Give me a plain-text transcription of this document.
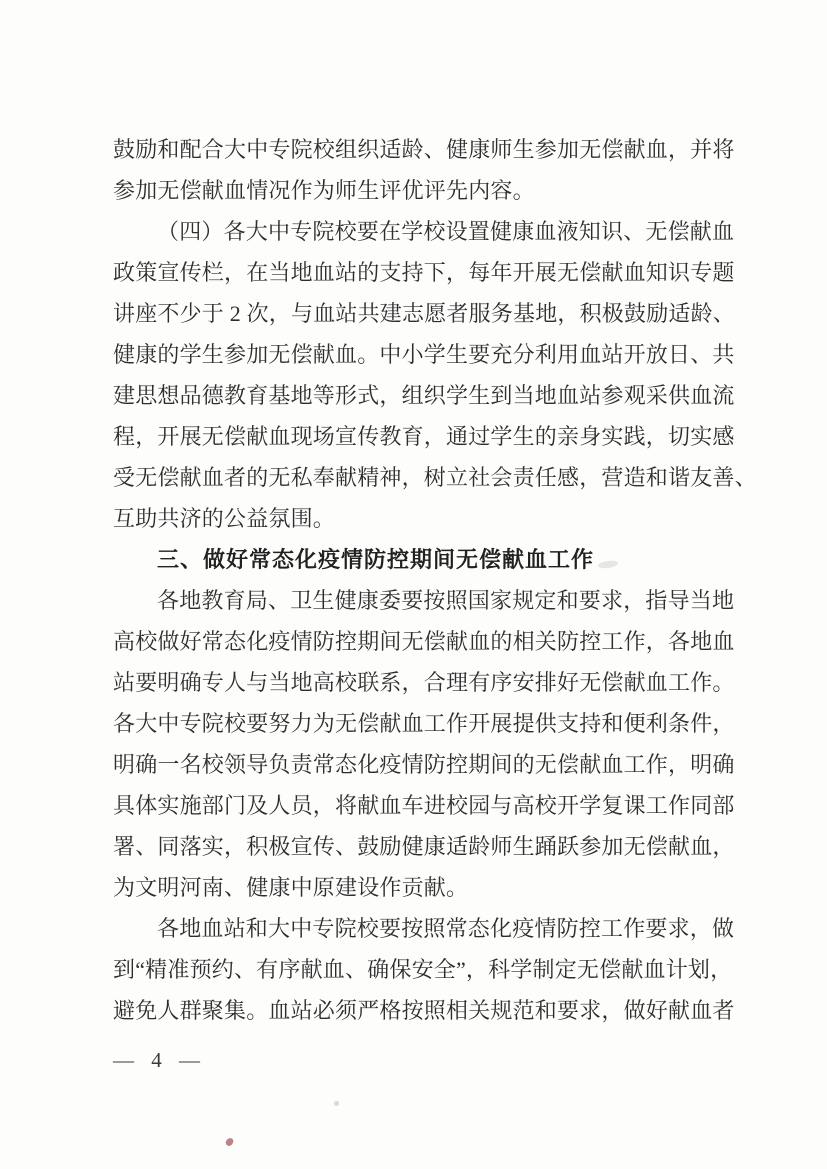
鼓励和配合大中专院校组织适龄、健康师生参加无偿献血，并将
参加无偿献血情况作为师生评优评先内容。
（四）各大中专院校要在学校设置健康血液知识、无偿献血
政策宣传栏，在当地血站的支持下，每年开展无偿献血知识专题
讲座不少于 2 次，与血站共建志愿者服务基地，积极鼓励适龄、
健康的学生参加无偿献血。中小学生要充分利用血站开放日、共
建思想品德教育基地等形式，组织学生到当地血站参观采供血流
程，开展无偿献血现场宣传教育，通过学生的亲身实践，切实感
受无偿献血者的无私奉献精神，树立社会责任感，营造和谐友善、
互助共济的公益氛围。
三、做好常态化疫情防控期间无偿献血工作
各地教育局、卫生健康委要按照国家规定和要求，指导当地
高校做好常态化疫情防控期间无偿献血的相关防控工作，各地血
站要明确专人与当地高校联系，合理有序安排好无偿献血工作。
各大中专院校要努力为无偿献血工作开展提供支持和便利条件，
明确一名校领导负责常态化疫情防控期间的无偿献血工作，明确
具体实施部门及人员，将献血车进校园与高校开学复课工作同部
署、同落实，积极宣传、鼓励健康适龄师生踊跃参加无偿献血，
为文明河南、健康中原建设作贡献。
各地血站和大中专院校要按照常态化疫情防控工作要求，做
到“精准预约、有序献血、确保安全”，科学制定无偿献血计划，
避免人群聚集。血站必须严格按照相关规范和要求，做好献血者
— 4 —
